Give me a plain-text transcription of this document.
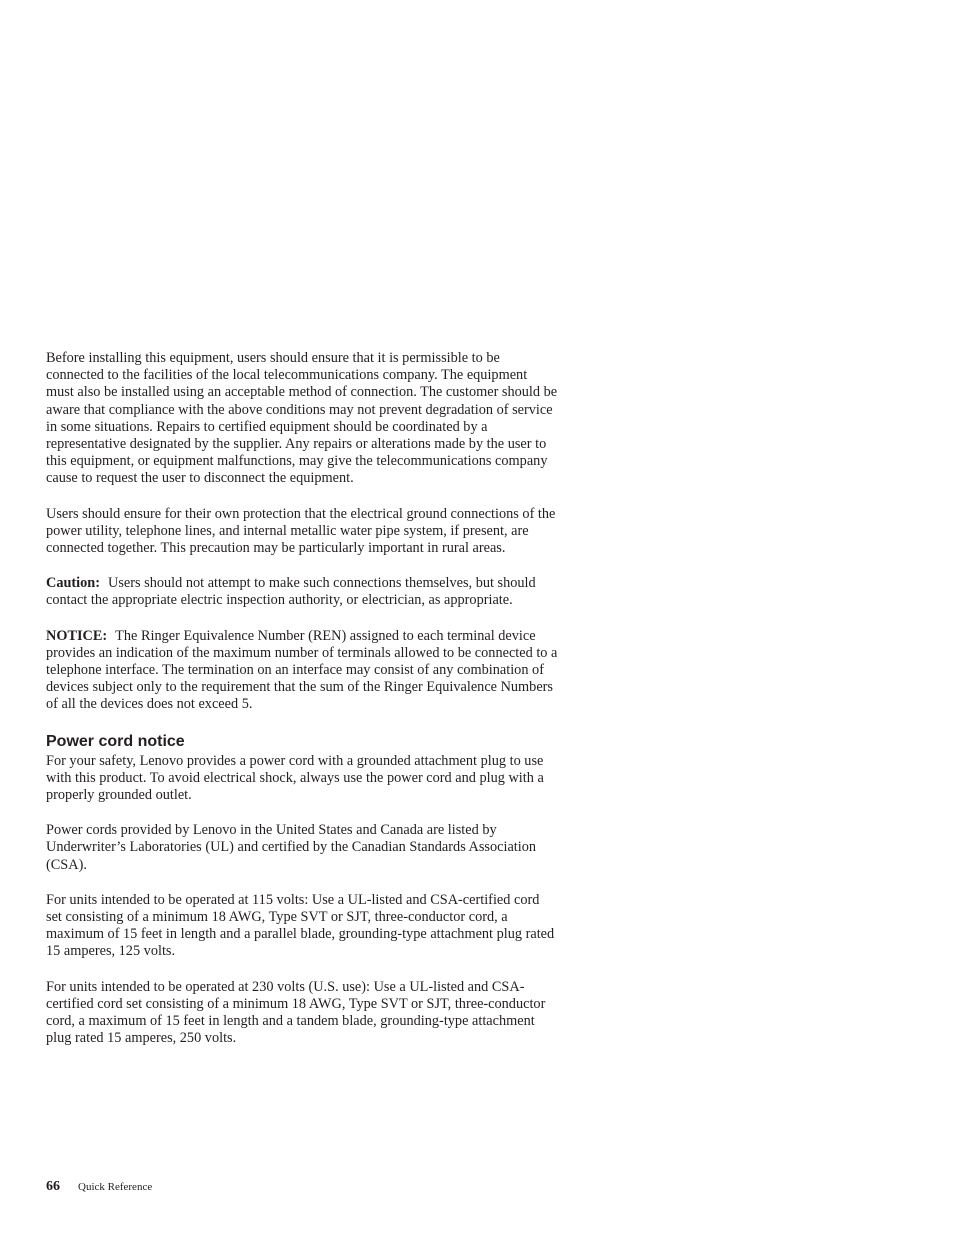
Before installing this equipment, users should ensure that it is permissible to be connected to the facilities of the local telecommunications company. The equipment must also be installed using an acceptable method of connection. The customer should be aware that compliance with the above conditions may not prevent degradation of service in some situations. Repairs to certified equipment should be coordinated by a representative designated by the supplier. Any repairs or alterations made by the user to this equipment, or equipment malfunctions, may give the telecommunications company cause to request the user to disconnect the equipment.

Users should ensure for their own protection that the electrical ground connections of the power utility, telephone lines, and internal metallic water pipe system, if present, are connected together. This precaution may be particularly important in rural areas.

Caution: Users should not attempt to make such connections themselves, but should contact the appropriate electric inspection authority, or electrician, as appropriate.

NOTICE: The Ringer Equivalence Number (REN) assigned to each terminal device provides an indication of the maximum number of terminals allowed to be connected to a telephone interface. The termination on an interface may consist of any combination of devices subject only to the requirement that the sum of the Ringer Equivalence Numbers of all the devices does not exceed 5.

Power cord notice

For your safety, Lenovo provides a power cord with a grounded attachment plug to use with this product. To avoid electrical shock, always use the power cord and plug with a properly grounded outlet.

Power cords provided by Lenovo in the United States and Canada are listed by Underwriter’s Laboratories (UL) and certified by the Canadian Standards Association (CSA).

For units intended to be operated at 115 volts: Use a UL-listed and CSA-certified cord set consisting of a minimum 18 AWG, Type SVT or SJT, three-conductor cord, a maximum of 15 feet in length and a parallel blade, grounding-type attachment plug rated 15 amperes, 125 volts.

For units intended to be operated at 230 volts (U.S. use): Use a UL-listed and CSA-certified cord set consisting of a minimum 18 AWG, Type SVT or SJT, three-conductor cord, a maximum of 15 feet in length and a tandem blade, grounding-type attachment plug rated 15 amperes, 250 volts.

66 Quick Reference
